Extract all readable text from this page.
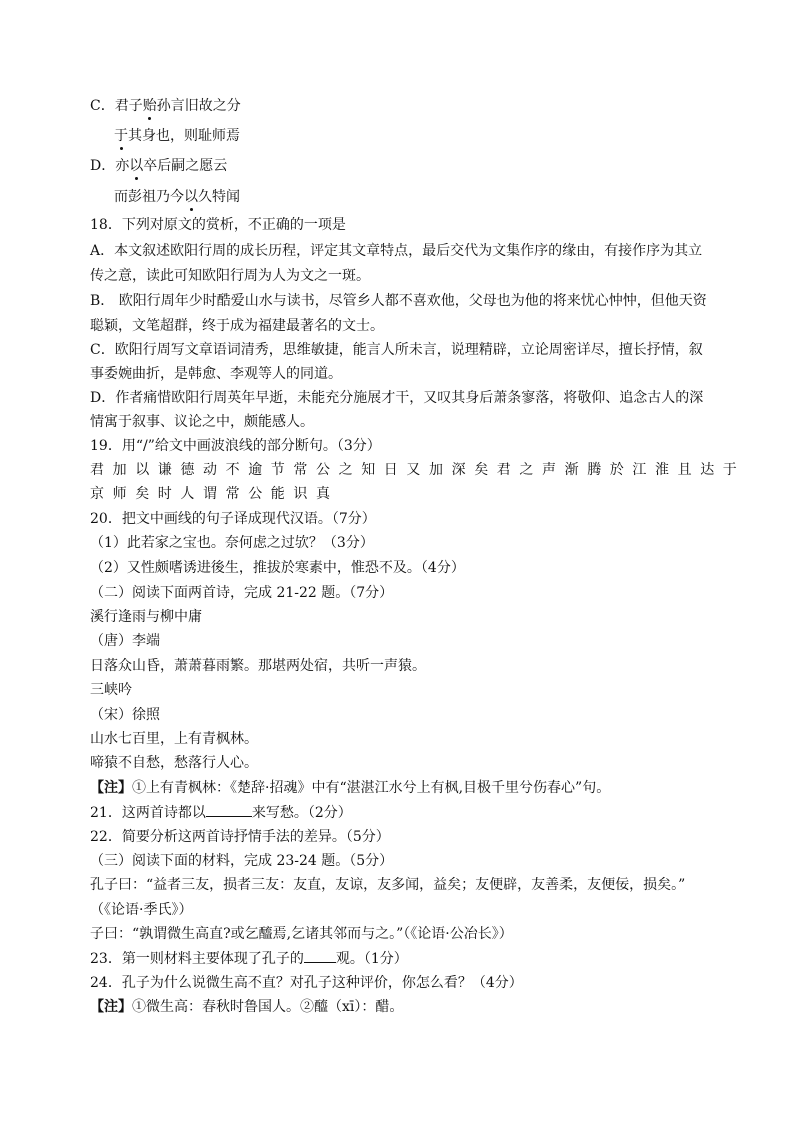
C．君子贻孙言旧故之分
于其身也，则耻师焉
D．亦以卒后嗣之愿云
而彭祖乃今以久特闻
18．下列对原文的赏析，不正确的一项是
A．本文叙述欧阳行周的成长历程，评定其文章特点，最后交代为文集作序的缘由，有接作序为其立
传之意，读此可知欧阳行周为人为文之一斑。
B． 欧阳行周年少时酷爱山水与读书，尽管乡人都不喜欢他，父母也为他的将来忧心忡忡，但他天资
聪颖，文笔超群，终于成为福建最著名的文士。
C．欧阳行周写文章语词清秀，思维敏捷，能言人所未言，说理精辟，立论周密详尽，擅长抒情，叙
事委婉曲折，是韩愈、李观等人的同道。
D．作者痛惜欧阳行周英年早逝，未能充分施展才干，又叹其身后萧条寥落，将敬仰、追念古人的深
情寓于叙事、议论之中，颇能感人。
19．用“/”给文中画波浪线的部分断句。（3分）
君加以谦德动不逾节常公之知日又加深矣君之声渐腾於江淮且达于
京师矣时人谓常公能识真
20．把文中画线的句子译成现代汉语。（7分）
（1）此若家之宝也。奈何虑之过欤？（3分）
（2）又性颇嗜诱进後生，推拔於寒素中，惟恐不及。（4分）
（二）阅读下面两首诗，完成 21-22 题。（7分）
溪行逢雨与柳中庸
（唐）李端
日落众山昏，萧萧暮雨繁。那堪两处宿，共听一声猿。
三峡吟
（宋）徐照
山水七百里，上有青枫林。
啼猿不自愁，愁落行人心。
【注】①上有青枫林：《楚辞·招魂》中有“湛湛江水兮上有枫,目极千里兮伤春心”句。
21．这两首诗都以	来写愁。（2分）
22．简要分析这两首诗抒情手法的差异。（5分）
（三）阅读下面的材料，完成 23-24 题。（5分）
孔子曰：“益者三友，损者三友：友直，友谅，友多闻，益矣；友便辟，友善柔，友便佞，损矣。”
（《论语·季氏》）
子曰：“孰谓微生高直?或乞醯焉,乞诸其邻而与之。”（《论语·公冶长》）
23．第一则材料主要体现了孔子的 观。（1分）
24．孔子为什么说微生高不直？对孔子这种评价，你怎么看？（4分）
【注】①微生高：春秋时鲁国人。②醯（xī）：醋。
